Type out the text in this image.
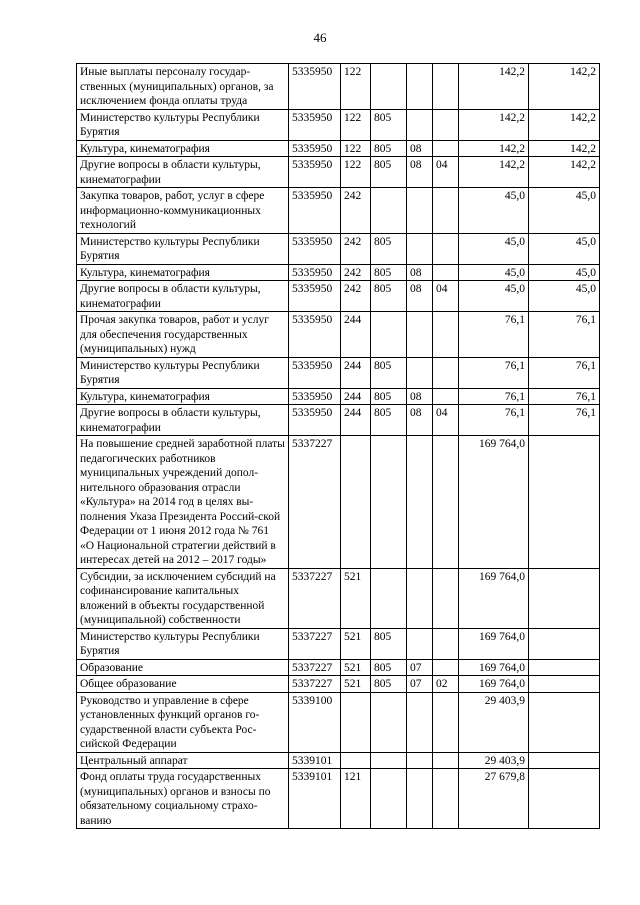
46
Иные выплаты персоналу государ-ственных (муниципальных) органов, за исключением фонда оплаты труда	5335950	122				142,2	142,2
Министерство культуры Республики Бурятия	5335950	122	805			142,2	142,2
Культура, кинематография	5335950	122	805	08		142,2	142,2
Другие вопросы в области культуры, кинематографии	5335950	122	805	08	04	142,2	142,2
Закупка товаров, работ, услуг в сфере информационно-коммуникационных технологий	5335950	242				45,0	45,0
Министерство культуры Республики Бурятия	5335950	242	805			45,0	45,0
Культура, кинематография	5335950	242	805	08		45,0	45,0
Другие вопросы в области культуры, кинематографии	5335950	242	805	08	04	45,0	45,0
Прочая закупка товаров, работ и услуг для обеспечения государственных (муниципальных) нужд	5335950	244				76,1	76,1
Министерство культуры Республики Бурятия	5335950	244	805			76,1	76,1
Культура, кинематография	5335950	244	805	08		76,1	76,1
Другие вопросы в области культуры, кинематографии	5335950	244	805	08	04	76,1	76,1
На повышение средней заработной платы педагогических работников муниципальных учреждений допол-нительного образования отрасли «Культура» на 2014 год в целях вы-полнения Указа Президента Россий-ской Федерации от 1 июня 2012 года № 761 «О Национальной стратегии действий в интересах детей на 2012 – 2017 годы»	5337227					169 764,0	
Субсидии, за исключением субсидий на софинансирование капитальных вложений в объекты государственной (муниципальной) собственности	5337227	521				169 764,0	
Министерство культуры Республики Бурятия	5337227	521	805			169 764,0	
Образование	5337227	521	805	07		169 764,0	
Общее образование	5337227	521	805	07	02	169 764,0	
Руководство и управление в сфере установленных функций органов го-сударственной власти субъекта Рос-сийской Федерации	5339100					29 403,9	
Центральный аппарат	5339101					29 403,9	
Фонд оплаты труда государственных (муниципальных) органов и взносы по обязательному социальному страхо-ванию	5339101	121				27 679,8	
